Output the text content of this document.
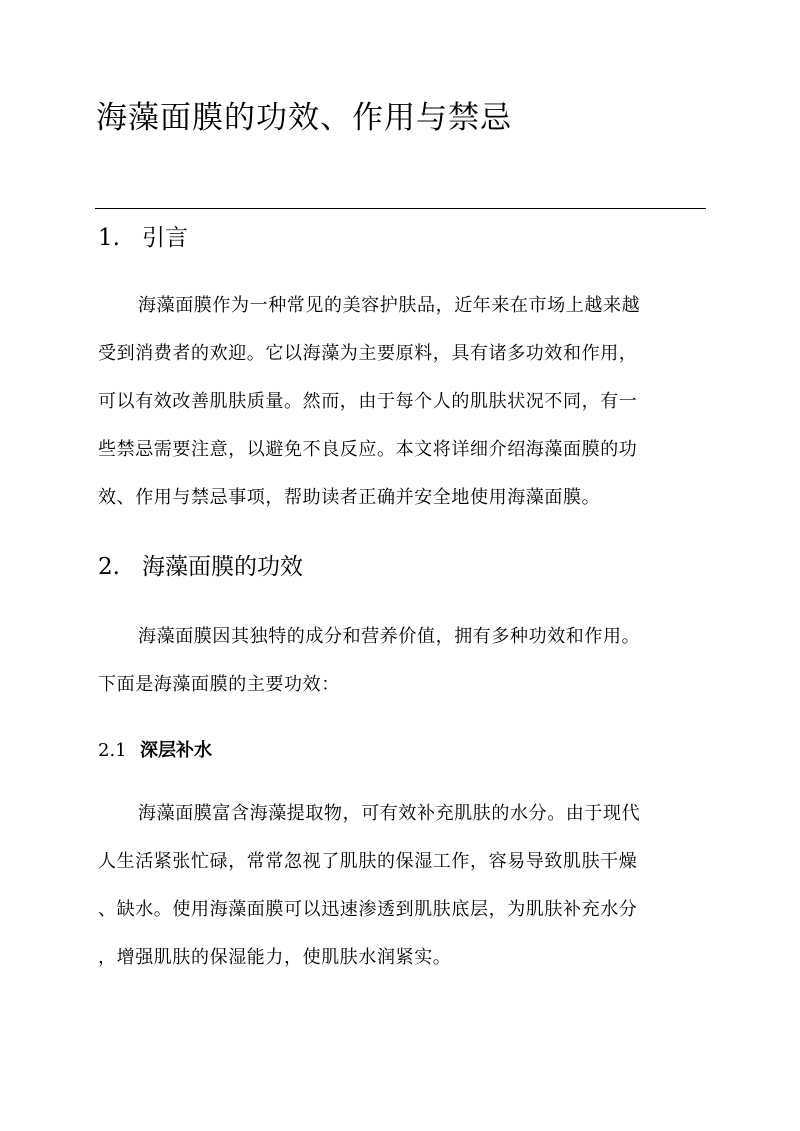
海藻面膜的功效、作用与禁忌
1. 引言
海藻面膜作为一种常见的美容护肤品，近年来在市场上越来越
受到消费者的欢迎。它以海藻为主要原料，具有诸多功效和作用，
可以有效改善肌肤质量。然而，由于每个人的肌肤状况不同，有一
些禁忌需要注意，以避免不良反应。本文将详细介绍海藻面膜的功
效、作用与禁忌事项，帮助读者正确并安全地使用海藻面膜。
2. 海藻面膜的功效
海藻面膜因其独特的成分和营养价值，拥有多种功效和作用。
下面是海藻面膜的主要功效：
2.1 深层补水
海藻面膜富含海藻提取物，可有效补充肌肤的水分。由于现代
人生活紧张忙碌，常常忽视了肌肤的保湿工作，容易导致肌肤干燥
、缺水。使用海藻面膜可以迅速渗透到肌肤底层，为肌肤补充水分
，增强肌肤的保湿能力，使肌肤水润紧实。
